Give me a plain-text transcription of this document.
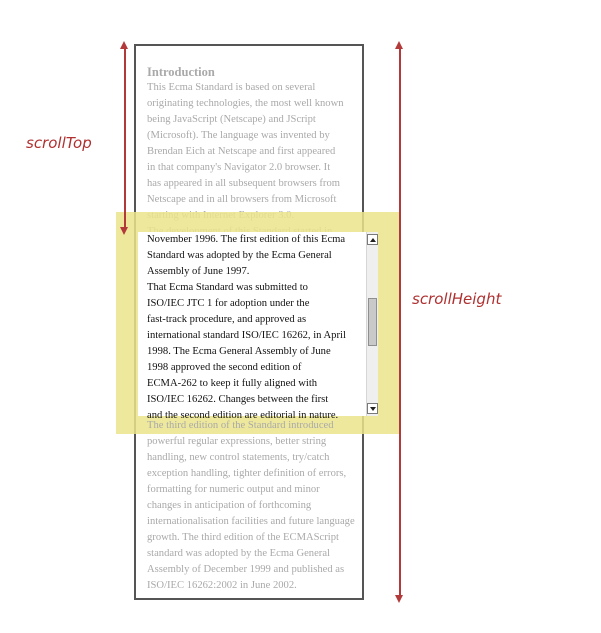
Introduction
This Ecma Standard is based on several
originating technologies, the most well known
being JavaScript (Netscape) and JScript
(Microsoft). The language was invented by
Brendan Eich at Netscape and first appeared
in that company's Navigator 2.0 browser. It
has appeared in all subsequent browsers from
Netscape and in all browsers from Microsoft
November 1996. The first edition of this Ecma
Standard was adopted by the Ecma General
Assembly of June 1997.
That Ecma Standard was submitted to
ISO/IEC JTC 1 for adoption under the
fast-track procedure, and approved as
international standard ISO/IEC 16262, in April
1998. The Ecma General Assembly of June
1998 approved the second edition of
ECMA-262 to keep it fully aligned with
ISO/IEC 16262. Changes between the first
and the second edition are editorial in nature.
The third edition of the Standard introduced
powerful regular expressions, better string
handling, new control statements, try/catch
exception handling, tighter definition of errors,
formatting for numeric output and minor
changes in anticipation of forthcoming
internationalisation facilities and future language
growth. The third edition of the ECMAScript
standard was adopted by the Ecma General
Assembly of December 1999 and published as
ISO/IEC 16262:2002 in June 2002.
scrollTop
scrollHeight
